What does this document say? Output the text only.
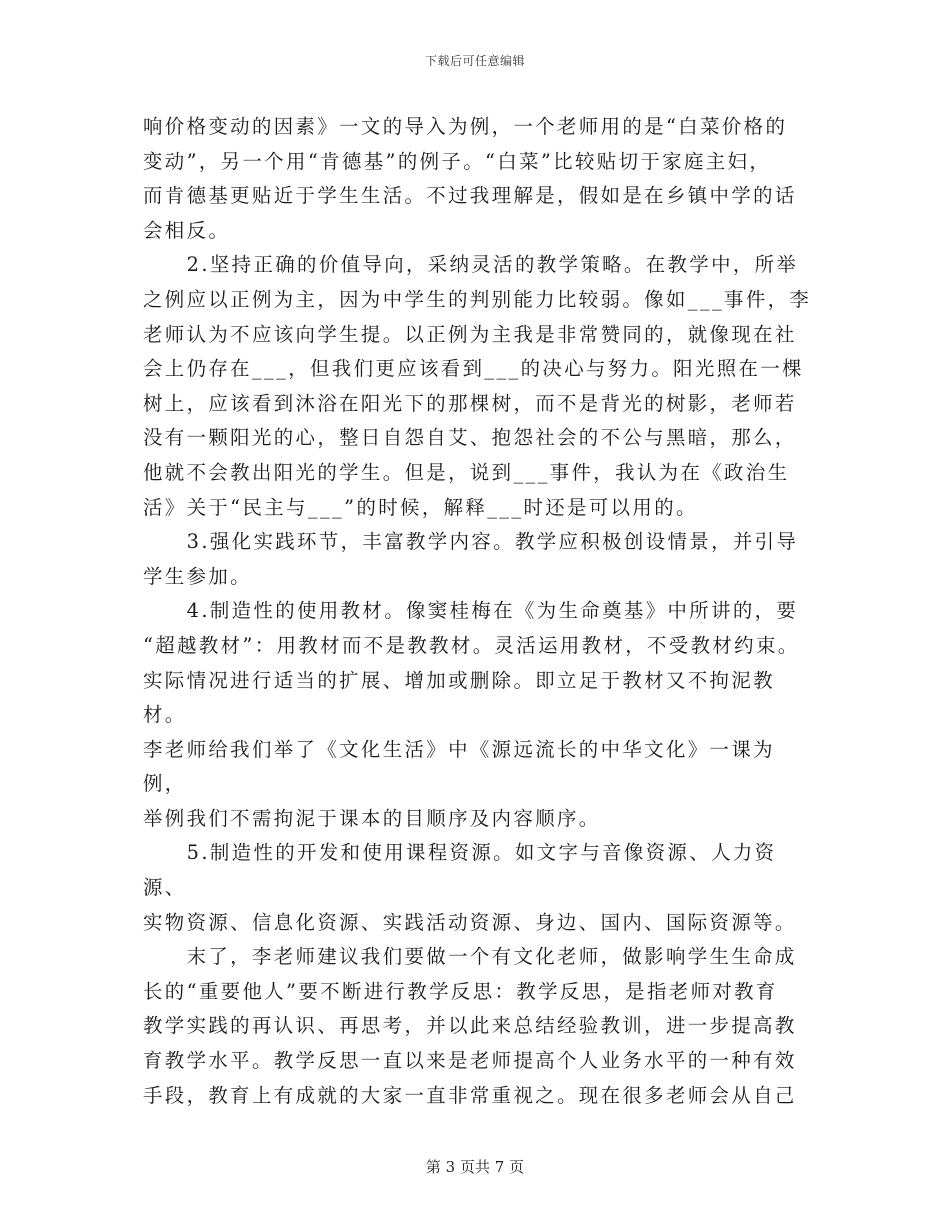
下载后可任意编辑

响价格变动的因素》一文的导入为例，一个老师用的是“白菜价格的
变动”，另一个用“肯德基”的例子。“白菜”比较贴切于家庭主妇，
而肯德基更贴近于学生生活。不过我理解是，假如是在乡镇中学的话
会相反。

　　2.坚持正确的价值导向，采纳灵活的教学策略。在教学中，所举
之例应以正例为主，因为中学生的判别能力比较弱。像如___事件，李
老师认为不应该向学生提。以正例为主我是非常赞同的，就像现在社
会上仍存在___，但我们更应该看到___的决心与努力。阳光照在一棵
树上，应该看到沐浴在阳光下的那棵树，而不是背光的树影，老师若
没有一颗阳光的心，整日自怨自艾、抱怨社会的不公与黑暗，那么，
他就不会教出阳光的学生。但是，说到___事件，我认为在《政治生
活》关于“民主与___”的时候，解释___时还是可以用的。

　　3.强化实践环节，丰富教学内容。教学应积极创设情景，并引导
学生参加。

　　4.制造性的使用教材。像窦桂梅在《为生命奠基》中所讲的，要
“超越教材”：用教材而不是教教材。灵活运用教材，不受教材约束。
实际情况进行适当的扩展、增加或删除。即立足于教材又不拘泥教材。
李老师给我们举了《文化生活》中《源远流长的中华文化》一课为例，
举例我们不需拘泥于课本的目顺序及内容顺序。

　　5.制造性的开发和使用课程资源。如文字与音像资源、人力资源、
实物资源、信息化资源、实践活动资源、身边、国内、国际资源等。

　　末了，李老师建议我们要做一个有文化老师，做影响学生生命成
长的“重要他人”要不断进行教学反思：教学反思，是指老师对教育
教学实践的再认识、再思考，并以此来总结经验教训，进一步提高教
育教学水平。教学反思一直以来是老师提高个人业务水平的一种有效
手段，教育上有成就的大家一直非常重视之。现在很多老师会从自己

第 3 页共 7 页
